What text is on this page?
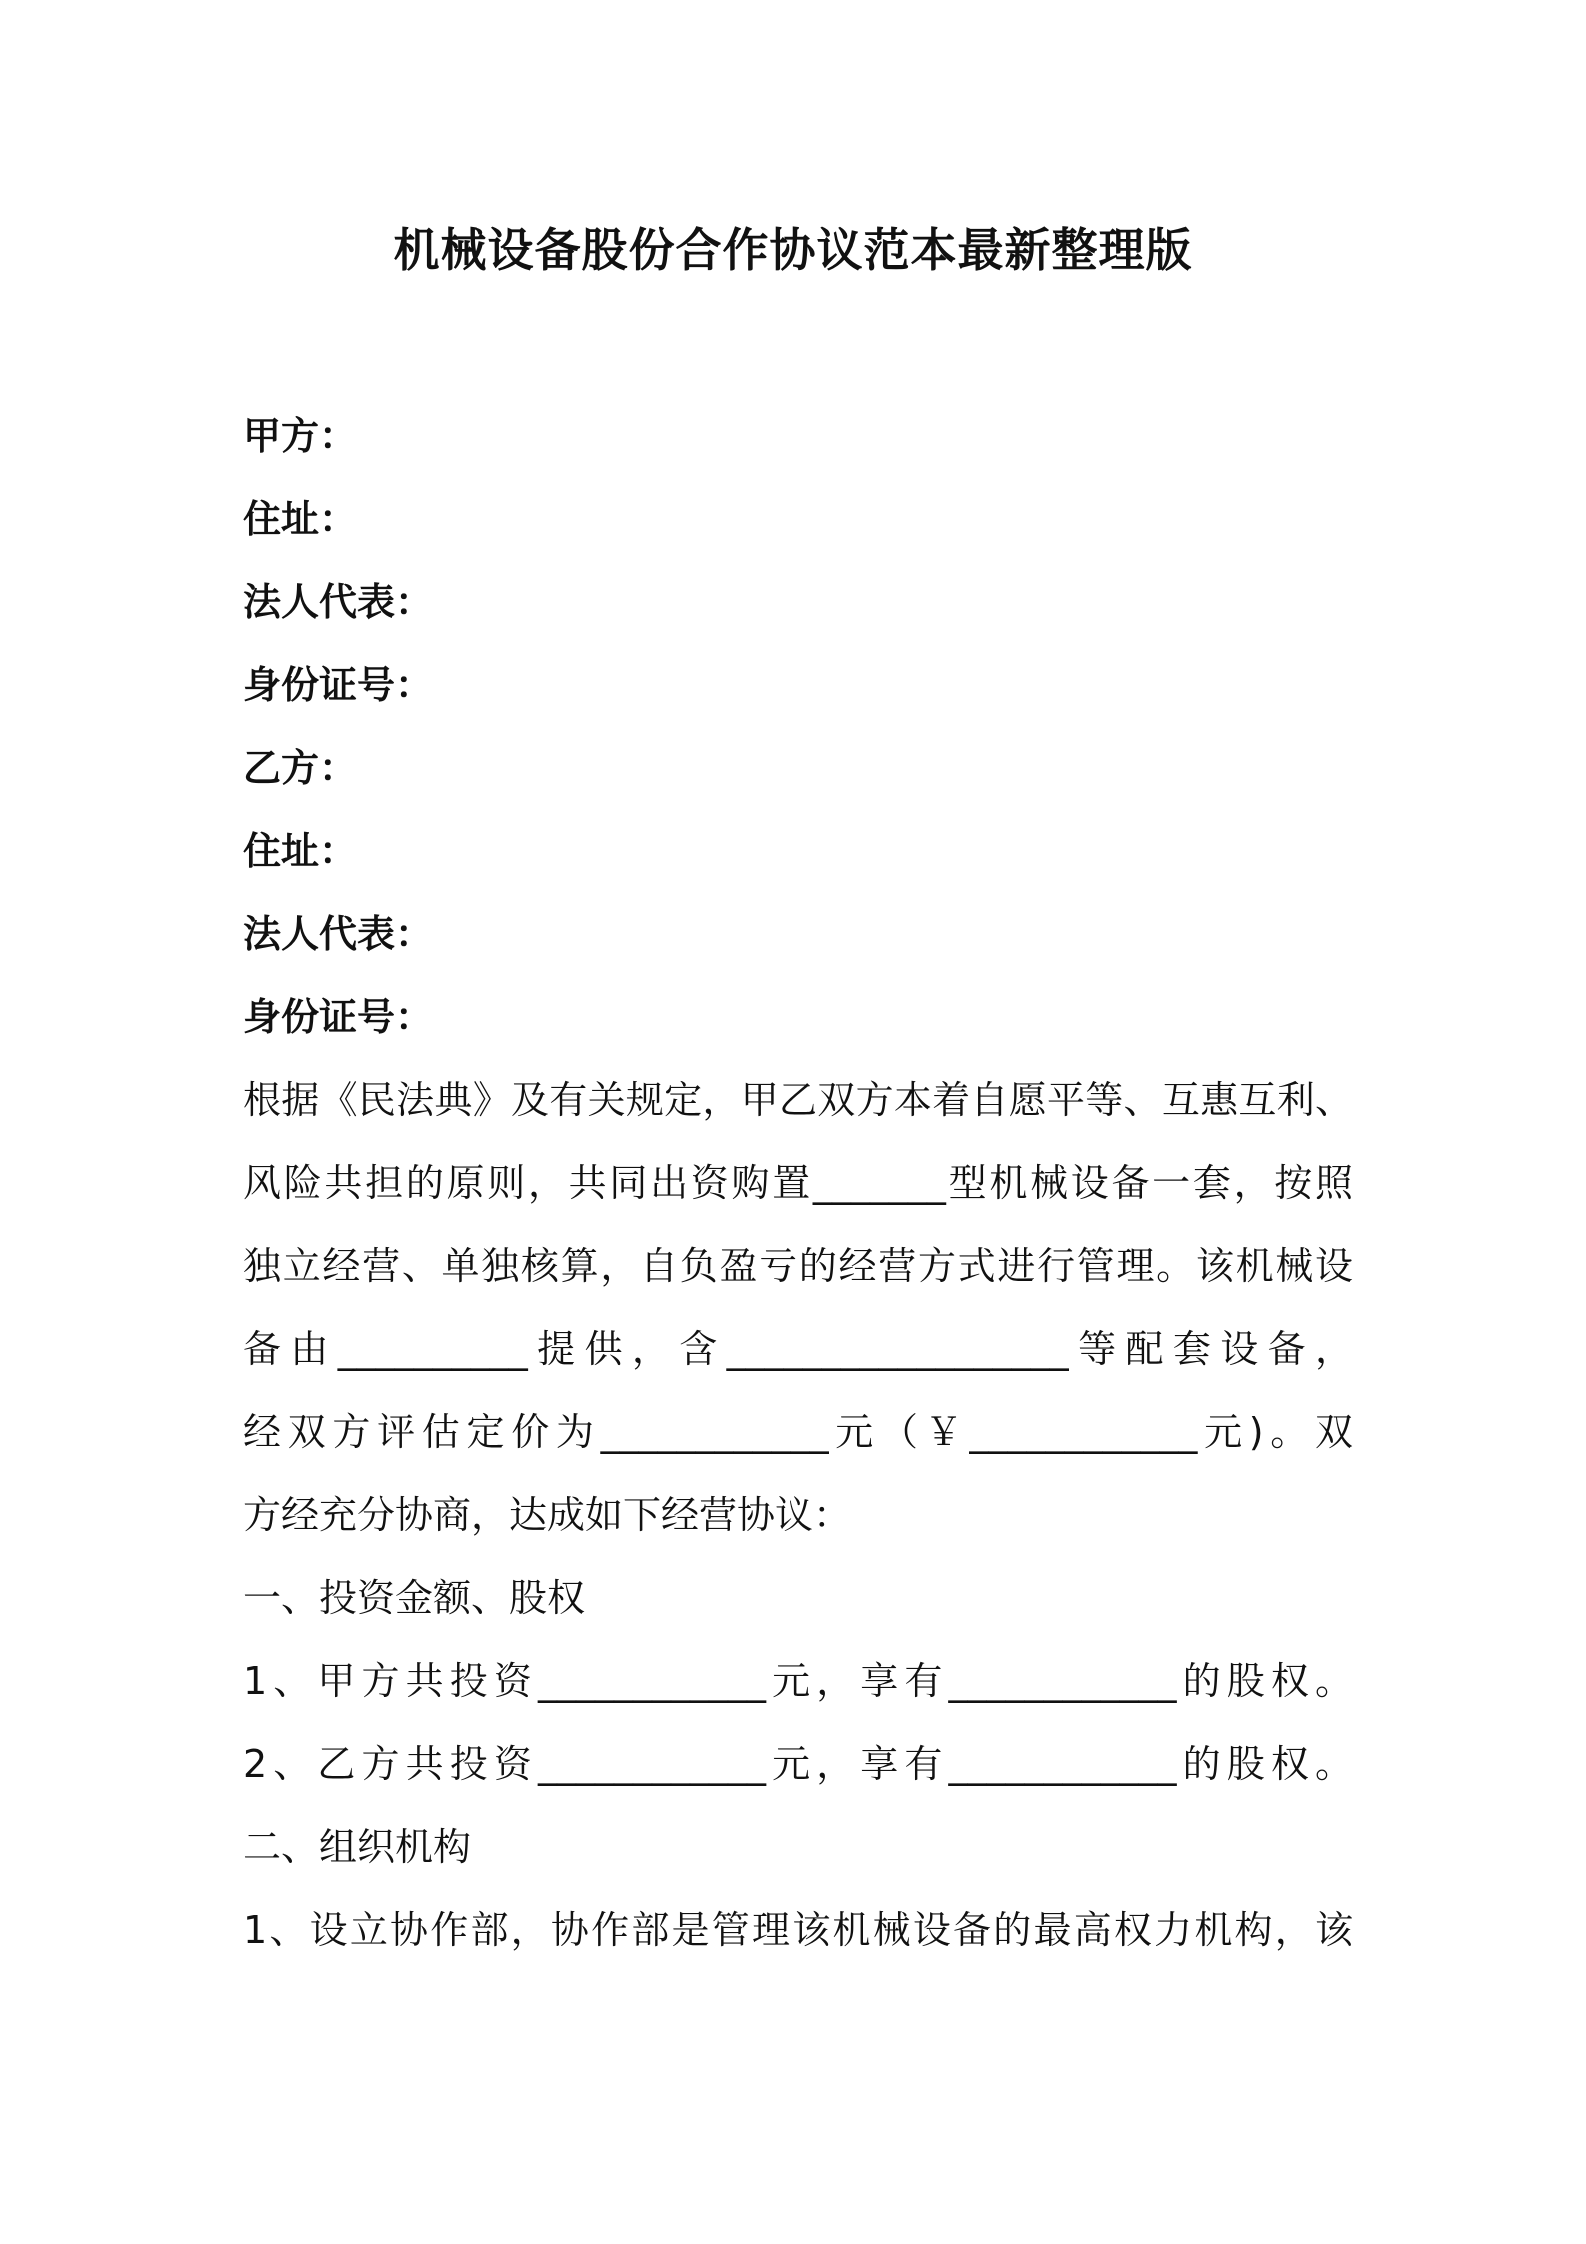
机械设备股份合作协议范本最新整理版
甲方：
住址：
法人代表：
身份证号：
乙方：
住址：
法人代表：
身份证号：
根据《民法典》及有关规定，甲乙双方本着自愿平等、互惠互利、
风险共担的原则，共同出资购置_______型机械设备一套，按照
独立经营、单独核算，自负盈亏的经营方式进行管理。该机械设
备由__________提供，含__________________等配套设备，
经双方评估定价为____________元（￥____________元)。双
方经充分协商，达成如下经营协议：
一、投资金额、股权
1、甲方共投资____________元，享有____________的股权。
2、乙方共投资____________元，享有____________的股权。
二、组织机构
1、设立协作部，协作部是管理该机械设备的最高权力机构，该
